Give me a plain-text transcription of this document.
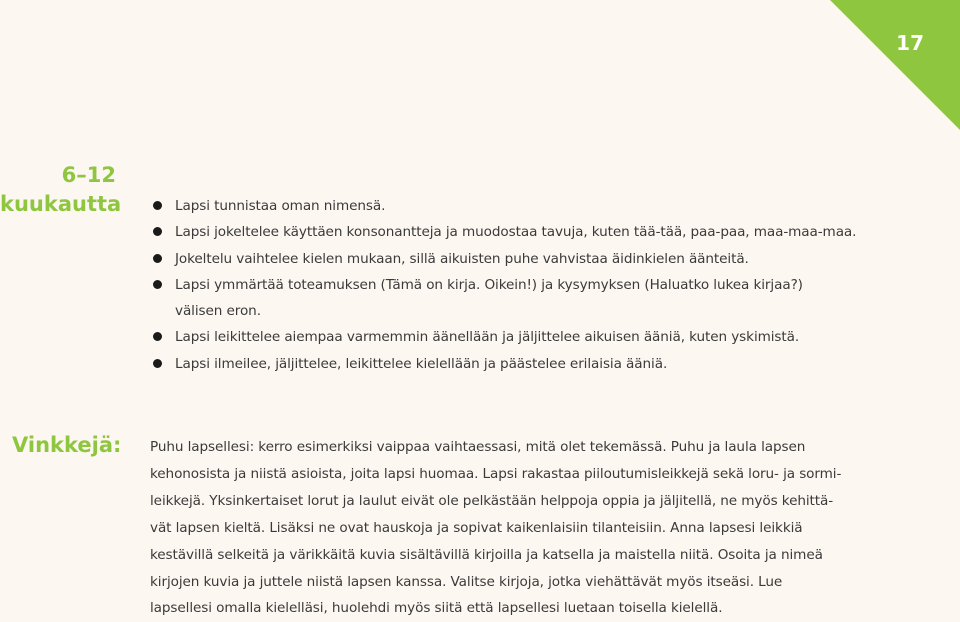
17
6–12
kuukautta	Lapsi tunnistaa oman nimensä.
Lapsi jokeltelee käyttäen konsonantteja ja muodostaa tavuja, kuten tää-tää, paa-paa, maa-maa-maa.
Jokeltelu vaihtelee kielen mukaan, sillä aikuisten puhe vahvistaa äidinkielen äänteitä.
Lapsi ymmärtää toteamuksen (Tämä on kirja. Oikein!) ja kysymyksen (Haluatko lukea kirjaa?)
välisen eron.
Lapsi leikittelee aiempaa varmemmin äänellään ja jäljittelee aikuisen ääniä, kuten yskimistä.
Lapsi ilmeilee, jäljittelee, leikittelee kielellään ja päästelee erilaisia ääniä.
Vinkkejä: Puhu lapsellesi: kerro esimerkiksi vaippaa vaihtaessasi, mitä olet tekemässä. Puhu ja laula lapsen
kehonosista ja niistä asioista, joita lapsi huomaa. Lapsi rakastaa piiloutumisleikkejä sekä loru- ja sormi-
leikkejä. Yksinkertaiset lorut ja laulut eivät ole pelkästään helppoja oppia ja jäljitellä, ne myös kehittä-
vät lapsen kieltä. Lisäksi ne ovat hauskoja ja sopivat kaikenlaisiin tilanteisiin. Anna lapsesi leikkiä
kestävillä selkeitä ja värikkäitä kuvia sisältävillä kirjoilla ja katsella ja maistella niitä. Osoita ja nimeä
kirjojen kuvia ja juttele niistä lapsen kanssa. Valitse kirjoja, jotka viehättävät myös itseäsi. Lue
lapsellesi omalla kielelläsi, huolehdi myös siitä että lapsellesi luetaan toisella kielellä.
